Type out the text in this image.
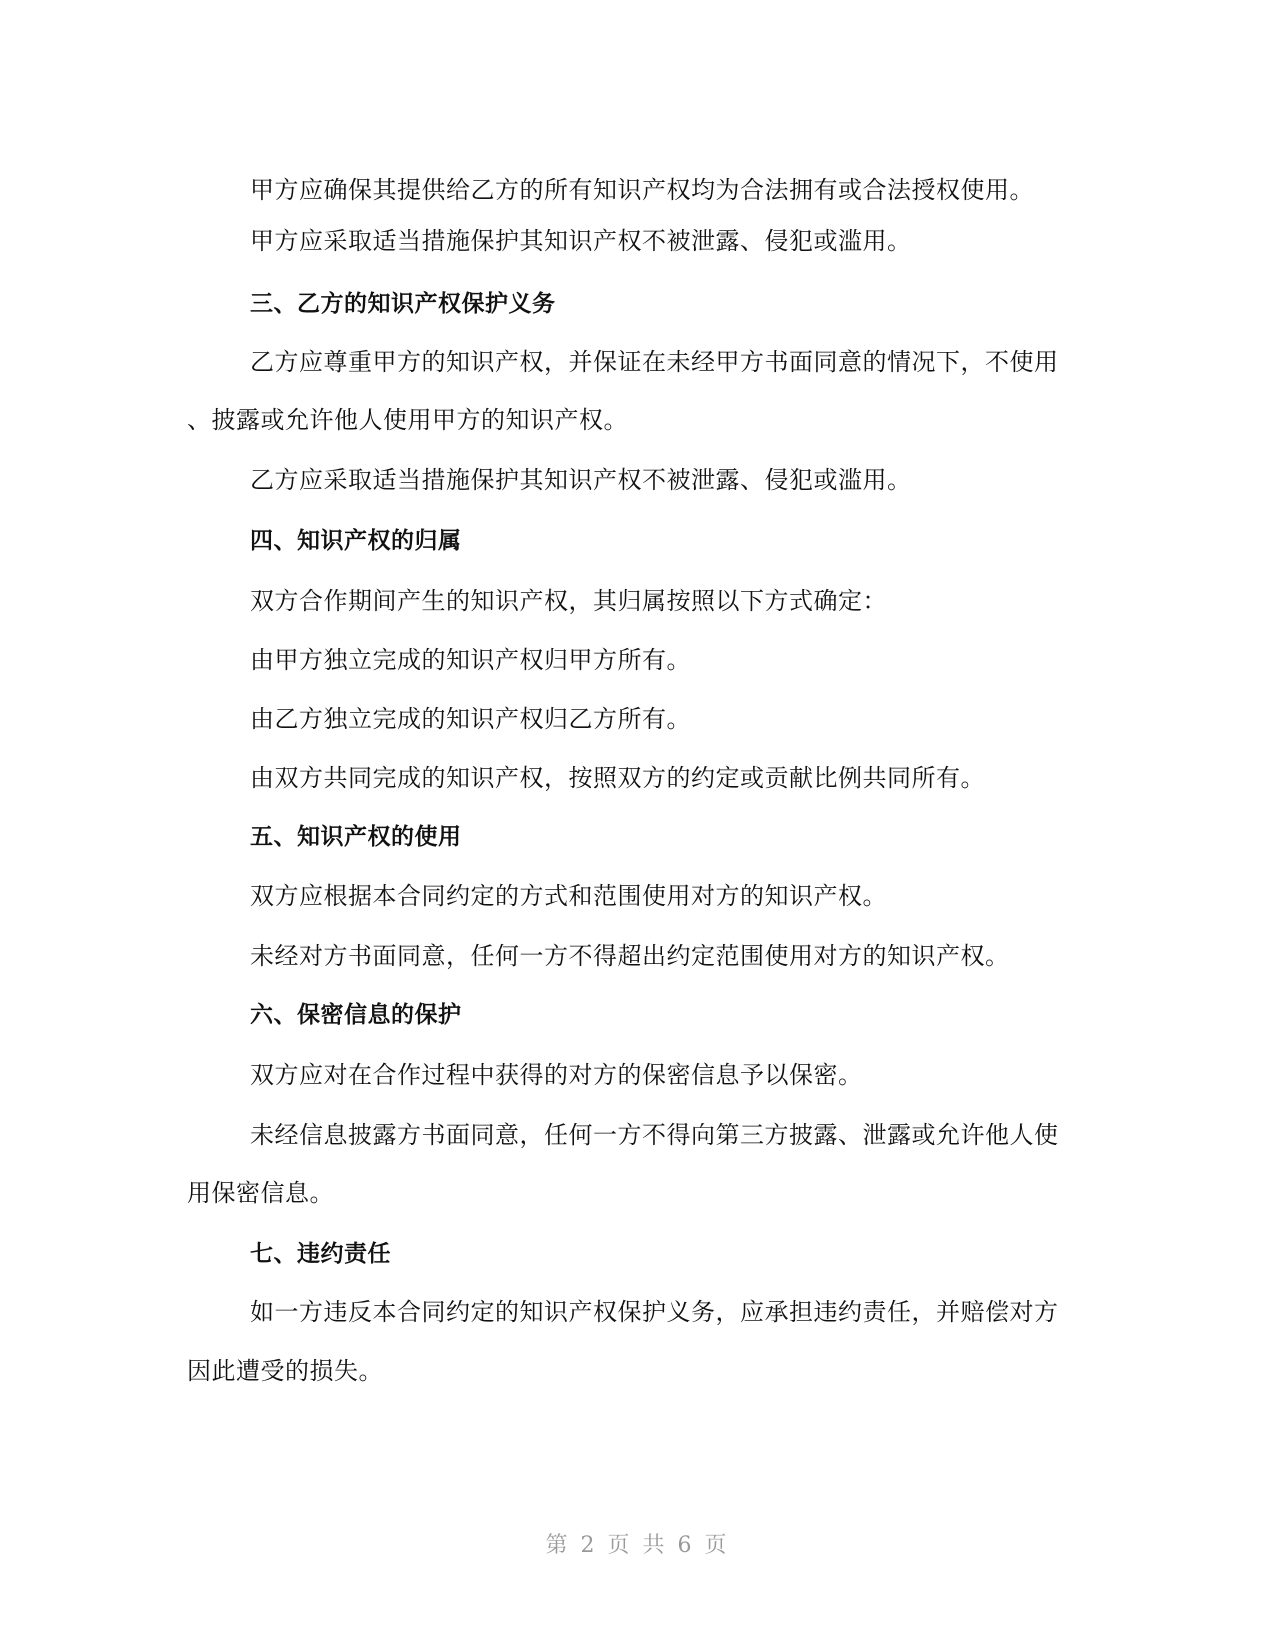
甲方应确保其提供给乙方的所有知识产权均为合法拥有或合法授权使用。
甲方应采取适当措施保护其知识产权不被泄露、侵犯或滥用。
三、乙方的知识产权保护义务
乙方应尊重甲方的知识产权，并保证在未经甲方书面同意的情况下，不使用
、披露或允许他人使用甲方的知识产权。
乙方应采取适当措施保护其知识产权不被泄露、侵犯或滥用。
四、知识产权的归属
双方合作期间产生的知识产权，其归属按照以下方式确定：
由甲方独立完成的知识产权归甲方所有。
由乙方独立完成的知识产权归乙方所有。
由双方共同完成的知识产权，按照双方的约定或贡献比例共同所有。
五、知识产权的使用
双方应根据本合同约定的方式和范围使用对方的知识产权。
未经对方书面同意，任何一方不得超出约定范围使用对方的知识产权。
六、保密信息的保护
双方应对在合作过程中获得的对方的保密信息予以保密。
未经信息披露方书面同意，任何一方不得向第三方披露、泄露或允许他人使
用保密信息。
七、违约责任
如一方违反本合同约定的知识产权保护义务，应承担违约责任，并赔偿对方
因此遭受的损失。
第 2 页 共 6 页
